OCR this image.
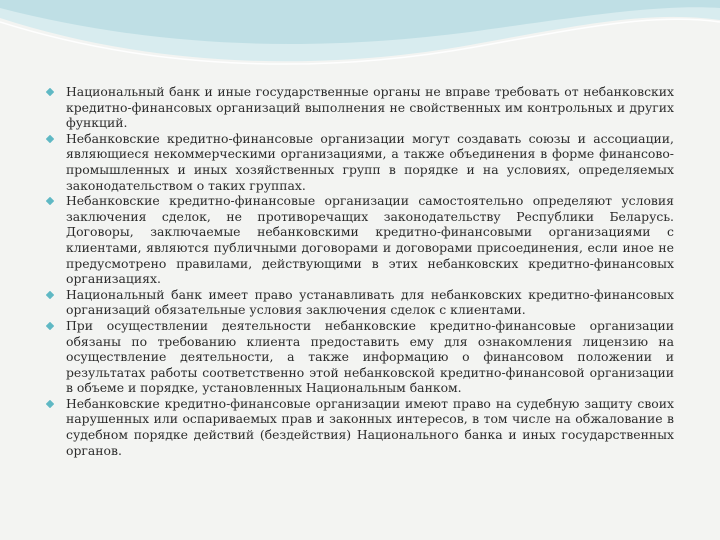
Национальный банк и иные государственные органы не вправе требовать от небанковских кредитно-финансовых организаций выполнения не свойственных им контрольных и других функций.
Небанковские кредитно-финансовые организации могут создавать союзы и ассоциации, являющиеся некоммерческими организациями, а также объединения в форме финансово-промышленных и иных хозяйственных групп в порядке и на условиях, определяемых законодательством о таких группах.
Небанковские кредитно-финансовые организации самостоятельно определяют условия заключения сделок, не противоречащих законодательству Республики Беларусь. Договоры, заключаемые небанковскими кредитно-финансовыми организациями с клиентами, являются публичными договорами и договорами присоединения, если иное не предусмотрено правилами, действующими в этих небанковских кредитно-финансовых организациях.
Национальный банк имеет право устанавливать для небанковских кредитно-финансовых организаций обязательные условия заключения сделок с клиентами.
При осуществлении деятельности небанковские кредитно-финансовые организации обязаны по требованию клиента предоставить ему для ознакомления лицензию на осуществление деятельности, а также информацию о финансовом положении и результатах работы соответственно этой небанковской кредитно-финансовой организации в объеме и порядке, установленных Национальным банком.
Небанковские кредитно-финансовые организации имеют право на судебную защиту своих нарушенных или оспариваемых прав и законных интересов, в том числе на обжалование в судебном порядке действий (бездействия) Национального банка и иных государственных органов.
